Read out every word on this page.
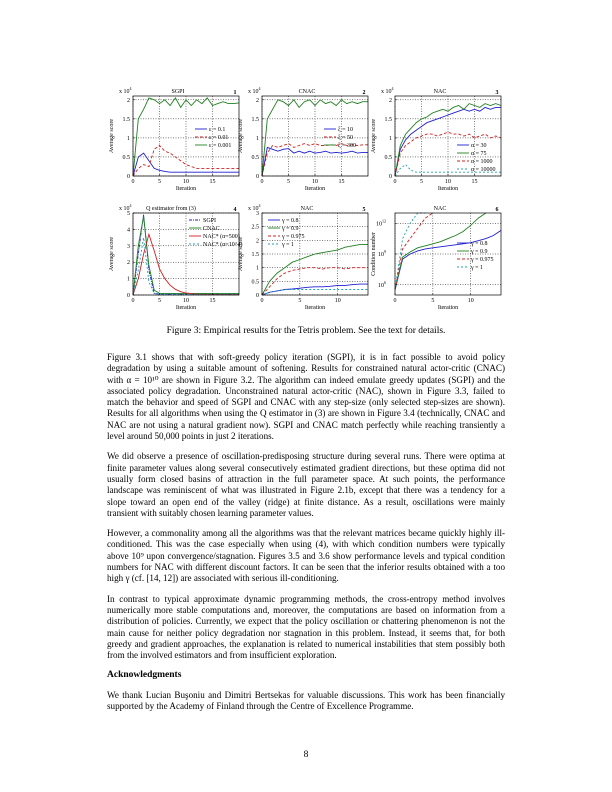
0	5	10	15
0
0.5
1
1.5
2
Iteration
Average score
x $10^4$
SGPI	1
ε = 0.1
ε = 0.01
ε = 0.001
0	5	10	15
0
0.5
1
1.5
2
Iteration
Average score
x $10^4$
CNAC	2
ξ = 10
ξ = 50
ξ = 300
0	5	10	15
0
0.5
1
1.5
2
Iteration
Average score
x $10^4$
NAC	3
α = 30
α = 75
α = 1000
α = 10000
0	5	10	15
0
1
2
3
4
5
Iteration
Average score
x $10^4$
Q estimator from (3)	4
SGPI
CNAC
NAC* (α=500)
NAC* (α=10^4)
0	5	10
0
0.5
1
1.5
2
2.5
3
Iteration
Average score
x $10^4$
NAC	5
γ = 0.8
γ = 0.9
γ = 0.975
γ = 1
0	5	10
$10^6$
$10^9$
$10^{12}$
Iteration
Condition number
NAC	6
γ = 0.8
γ = 0.9
γ = 0.975
γ = 1
Figure 3: Empirical results for the Tetris problem. See the text for details.

Figure 3.1 shows that with soft-greedy policy iteration (SGPI), it is in fact possible to avoid policy degradation by using a suitable amount of softening. Results for constrained natural actor-critic (CNAC) with α = 10¹⁰ are shown in Figure 3.2. The algorithm can indeed emulate greedy updates (SGPI) and the associated policy degradation. Unconstrained natural actor-critic (NAC), shown in Figure 3.3, failed to match the behavior and speed of SGPI and CNAC with any step-size (only selected step-sizes are shown). Results for all algorithms when using the Q estimator in (3) are shown in Figure 3.4 (technically, CNAC and NAC are not using a natural gradient now). SGPI and CNAC match perfectly while reaching transiently a level around 50,000 points in just 2 iterations.

We did observe a presence of oscillation-predisposing structure during several runs. There were optima at finite parameter values along several consecutively estimated gradient directions, but these optima did not usually form closed basins of attraction in the full parameter space. At such points, the performance landscape was reminiscent of what was illustrated in Figure 2.1b, except that there was a tendency for a slope toward an open end of the valley (ridge) at finite distance. As a result, oscillations were mainly transient with suitably chosen learning parameter values.

However, a commonality among all the algorithms was that the relevant matrices became quickly highly ill-conditioned. This was the case especially when using (4), with which condition numbers were typically above 10⁹ upon convergence/stagnation. Figures 3.5 and 3.6 show performance levels and typical condition numbers for NAC with different discount factors. It can be seen that the inferior results obtained with a too high γ (cf. [14, 12]) are associated with serious ill-conditioning.

In contrast to typical approximate dynamic programming methods, the cross-entropy method involves numerically more stable computations and, moreover, the computations are based on information from a distribution of policies. Currently, we expect that the policy oscillation or chattering phenomenon is not the main cause for neither policy degradation nor stagnation in this problem. Instead, it seems that, for both greedy and gradient approaches, the explanation is related to numerical instabilities that stem possibly both from the involved estimators and from insufficient exploration.

Acknowledgments

We thank Lucian Buşoniu and Dimitri Bertsekas for valuable discussions. This work has been financially supported by the Academy of Finland through the Centre of Excellence Programme.

8
